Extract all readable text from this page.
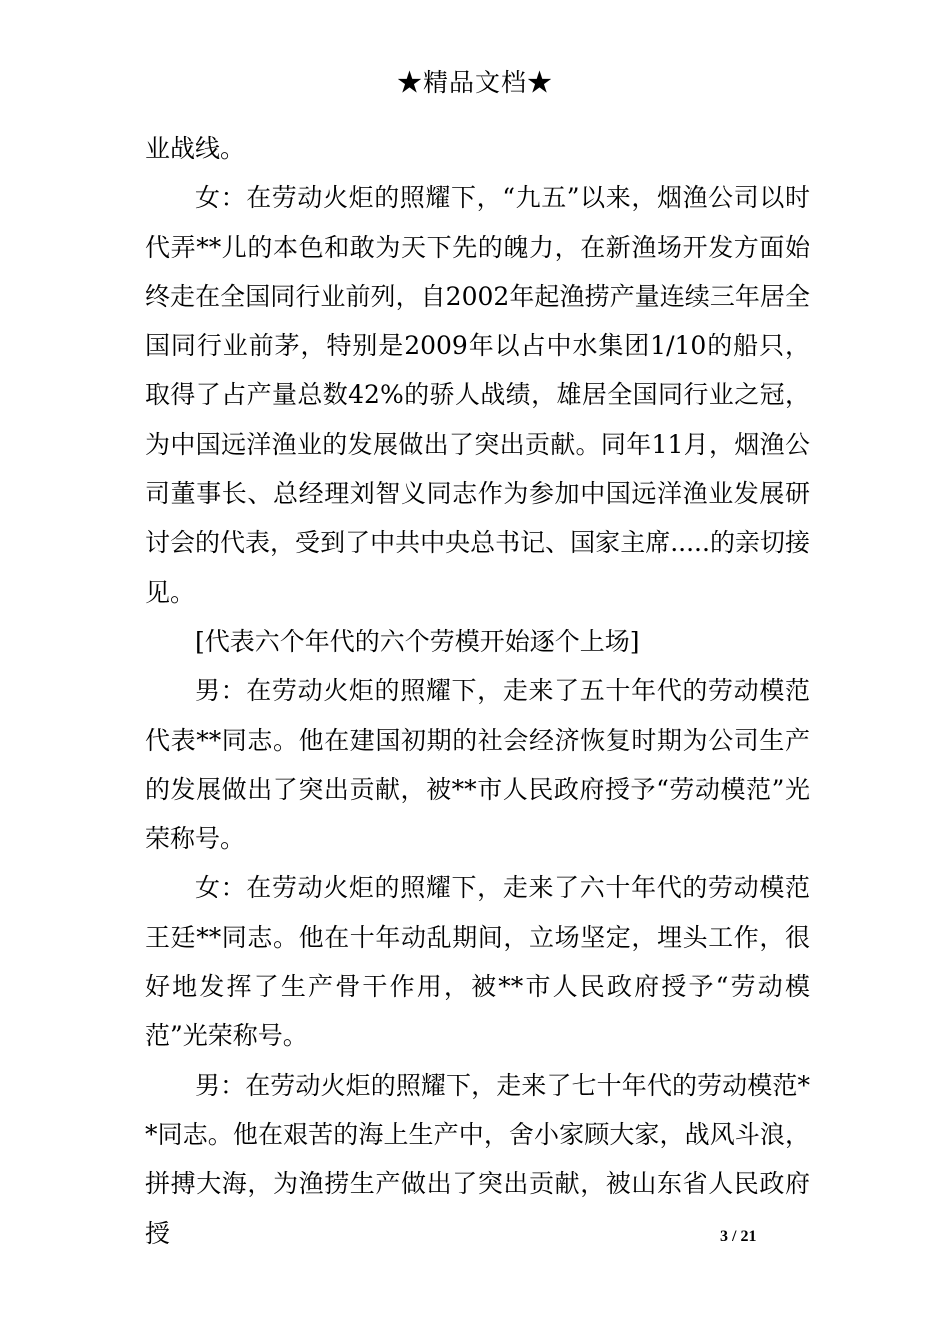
★精品文档★

业战线。

女：在劳动火炬的照耀下，“九五”以来，烟渔公司以时代弄**儿的本色和敢为天下先的魄力，在新渔场开发方面始终走在全国同行业前列，自2002年起渔捞产量连续三年居全国同行业前茅，特别是2009年以占中水集团1/10的船只，取得了占产量总数42%的骄人战绩，雄居全国同行业之冠，为中国远洋渔业的发展做出了突出贡献。同年11月，烟渔公司董事长、总经理刘智义同志作为参加中国远洋渔业发展研讨会的代表，受到了中共中央总书记、国家主席.....的亲切接见。

[代表六个年代的六个劳模开始逐个上场]

男：在劳动火炬的照耀下，走来了五十年代的劳动模范代表**同志。他在建国初期的社会经济恢复时期为公司生产的发展做出了突出贡献，被**市人民政府授予“劳动模范”光荣称号。

女：在劳动火炬的照耀下，走来了六十年代的劳动模范王廷**同志。他在十年动乱期间，立场坚定，埋头工作，很好地发挥了生产骨干作用，被**市人民政府授予“劳动模范”光荣称号。

男：在劳动火炬的照耀下，走来了七十年代的劳动模范**同志。他在艰苦的海上生产中，舍小家顾大家，战风斗浪，拼搏大海，为渔捞生产做出了突出贡献，被山东省人民政府授	3 / 21
